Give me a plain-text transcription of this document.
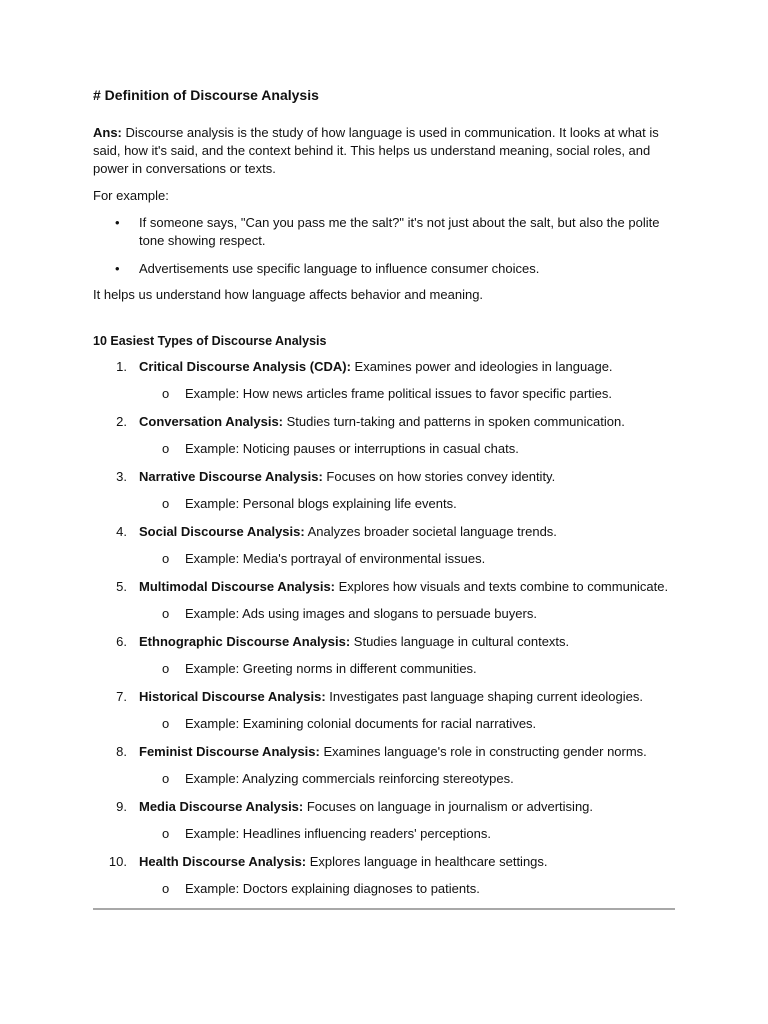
# Definition of Discourse Analysis
Ans: Discourse analysis is the study of how language is used in communication. It looks at what is said, how it's said, and the context behind it. This helps us understand meaning, social roles, and power in conversations or texts.
For example:
• If someone says, "Can you pass me the salt?" it's not just about the salt, but also the polite tone showing respect.
• Advertisements use specific language to influence consumer choices.
It helps us understand how language affects behavior and meaning.
10 Easiest Types of Discourse Analysis
1. Critical Discourse Analysis (CDA): Examines power and ideologies in language.
o Example: How news articles frame political issues to favor specific parties.
2. Conversation Analysis: Studies turn-taking and patterns in spoken communication.
o Example: Noticing pauses or interruptions in casual chats.
3. Narrative Discourse Analysis: Focuses on how stories convey identity.
o Example: Personal blogs explaining life events.
4. Social Discourse Analysis: Analyzes broader societal language trends.
o Example: Media's portrayal of environmental issues.
5. Multimodal Discourse Analysis: Explores how visuals and texts combine to communicate.
o Example: Ads using images and slogans to persuade buyers.
6. Ethnographic Discourse Analysis: Studies language in cultural contexts.
o Example: Greeting norms in different communities.
7. Historical Discourse Analysis: Investigates past language shaping current ideologies.
o Example: Examining colonial documents for racial narratives.
8. Feminist Discourse Analysis: Examines language's role in constructing gender norms.
o Example: Analyzing commercials reinforcing stereotypes.
9. Media Discourse Analysis: Focuses on language in journalism or advertising.
o Example: Headlines influencing readers' perceptions.
10. Health Discourse Analysis: Explores language in healthcare settings.
o Example: Doctors explaining diagnoses to patients.
